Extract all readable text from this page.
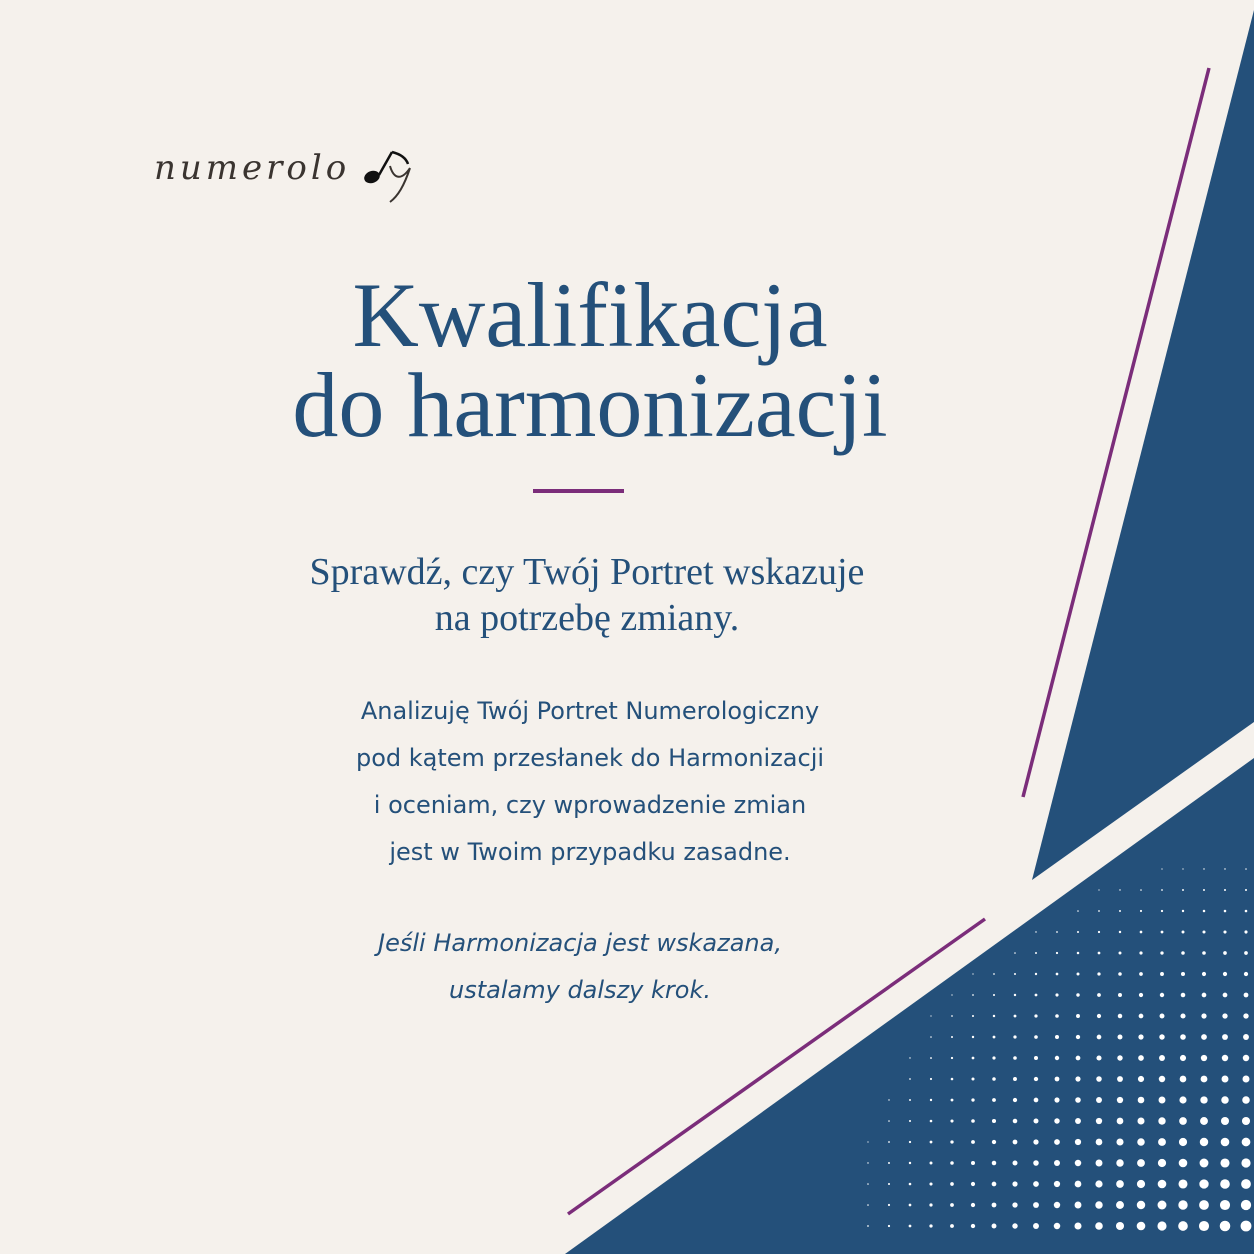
numerolo
Kwalifikacja
do harmonizacji
Sprawdź, czy Twój Portret wskazuje
na potrzebę zmiany.
Analizuję Twój Portret Numerologiczny
pod kątem przesłanek do Harmonizacji
i oceniam, czy wprowadzenie zmian
jest w Twoim przypadku zasadne.
Jeśli Harmonizacja jest wskazana,
ustalamy dalszy krok.
